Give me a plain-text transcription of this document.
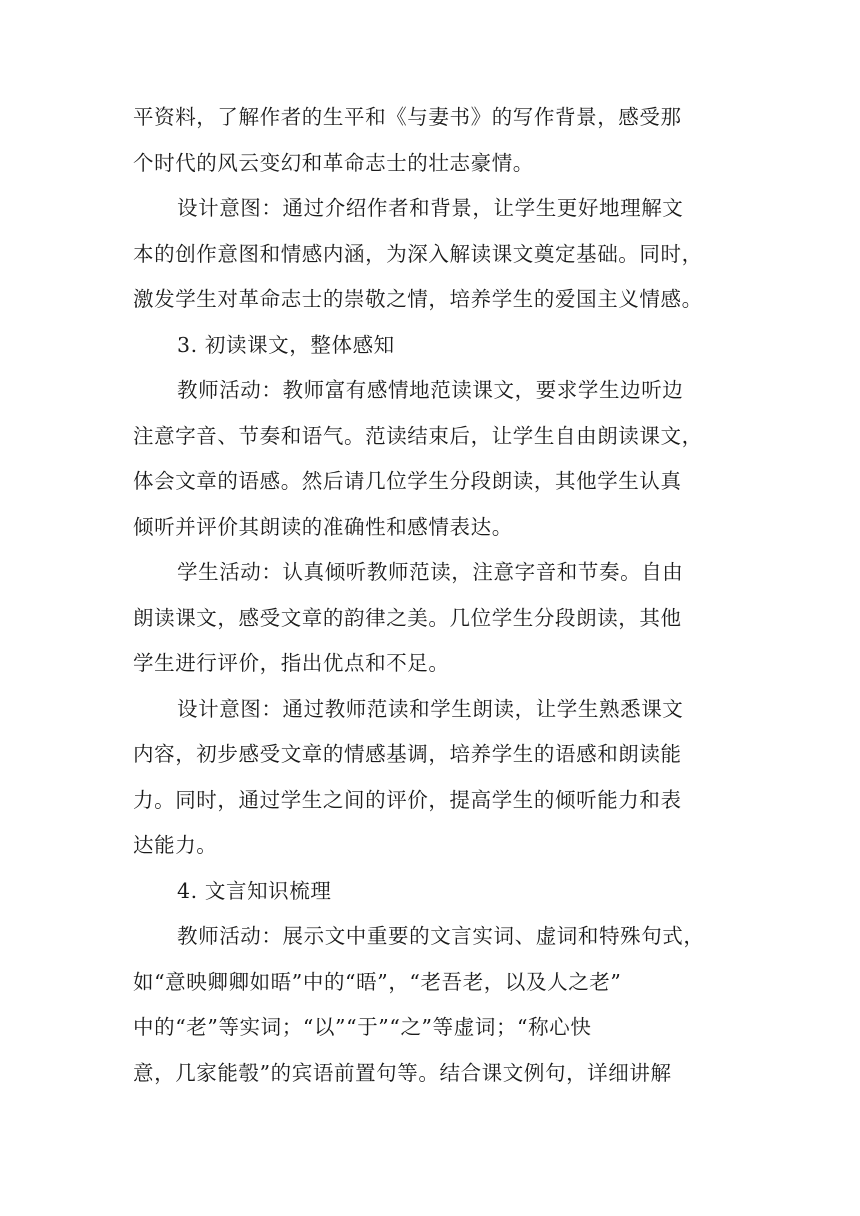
平资料，了解作者的生平和《与妻书》的写作背景，感受那
个时代的风云变幻和革命志士的壮志豪情。
设计意图：通过介绍作者和背景，让学生更好地理解文
本的创作意图和情感内涵，为深入解读课文奠定基础。同时，
激发学生对革命志士的崇敬之情，培养学生的爱国主义情感。
3. 初读课文，整体感知
教师活动：教师富有感情地范读课文，要求学生边听边
注意字音、节奏和语气。范读结束后，让学生自由朗读课文，
体会文章的语感。然后请几位学生分段朗读，其他学生认真
倾听并评价其朗读的准确性和感情表达。
学生活动：认真倾听教师范读，注意字音和节奏。自由
朗读课文，感受文章的韵律之美。几位学生分段朗读，其他
学生进行评价，指出优点和不足。
设计意图：通过教师范读和学生朗读，让学生熟悉课文
内容，初步感受文章的情感基调，培养学生的语感和朗读能
力。同时，通过学生之间的评价，提高学生的倾听能力和表
达能力。
4. 文言知识梳理
教师活动：展示文中重要的文言实词、虚词和特殊句式，
如“意映卿卿如晤”中的“晤”，“老吾老，以及人之老”
中的“老”等实词；“以”“于”“之”等虚词；“称心快
意，几家能彀”的宾语前置句等。结合课文例句，详细讲解
